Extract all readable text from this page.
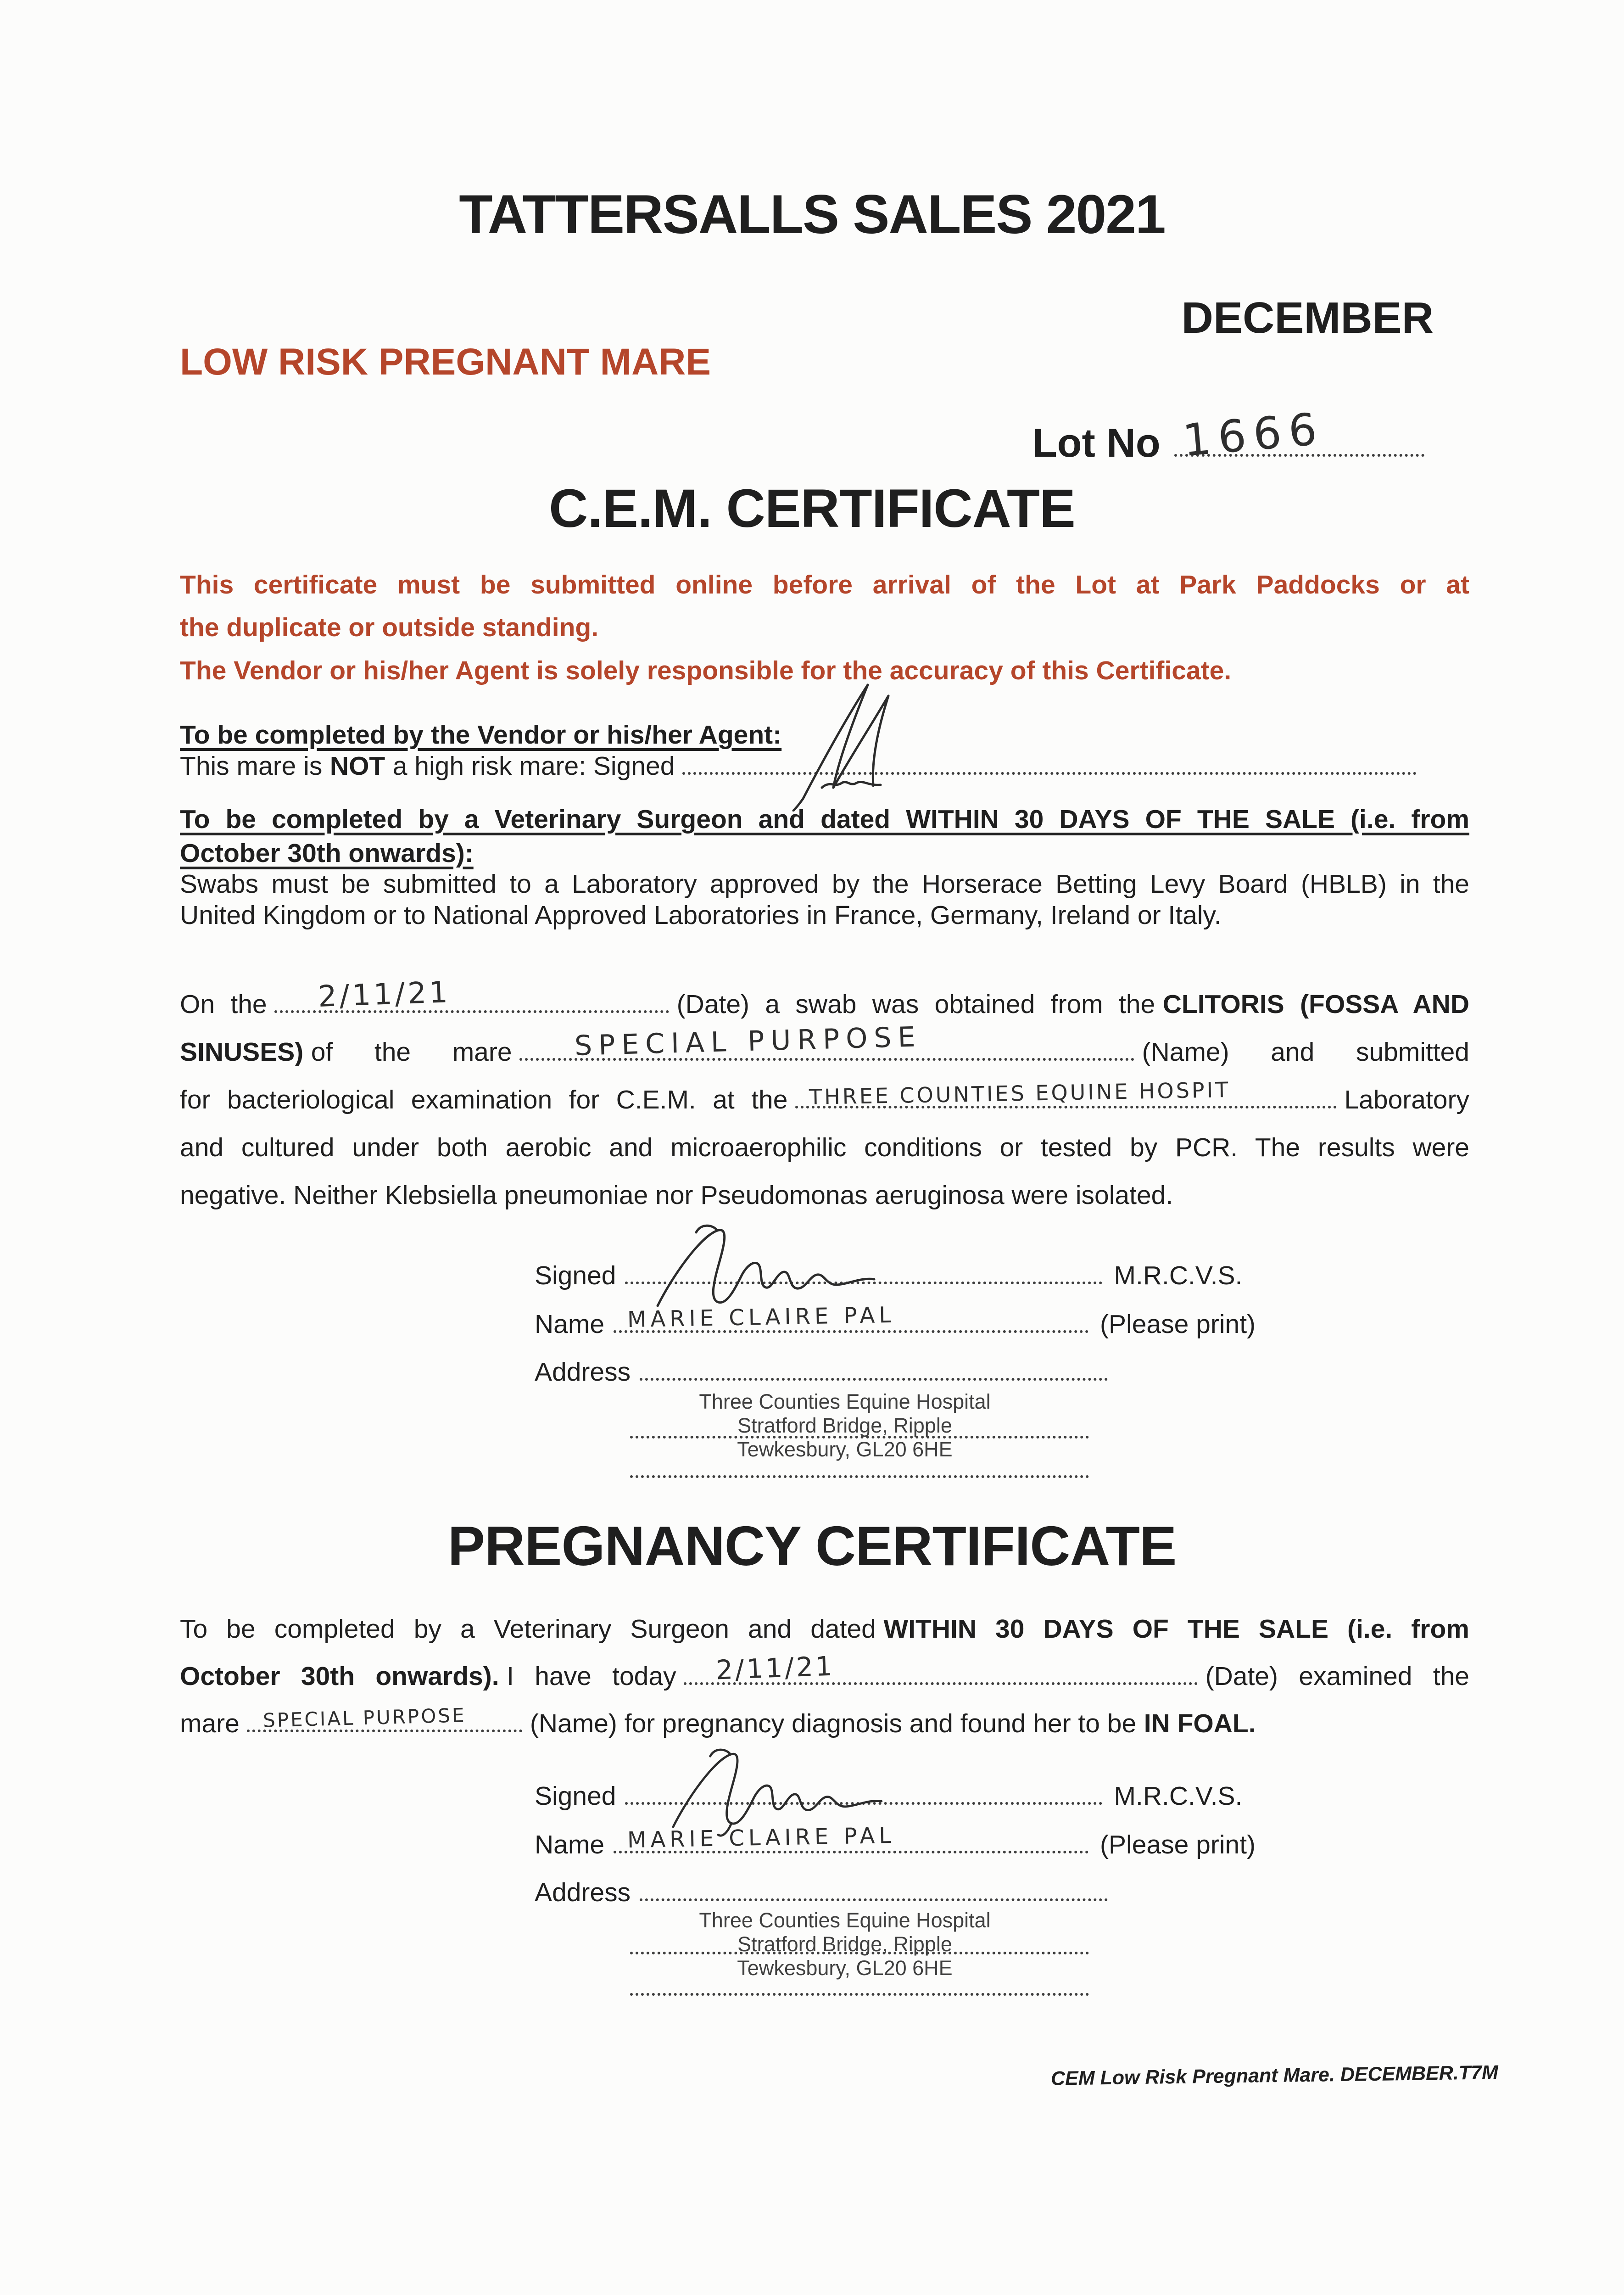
TATTERSALLS SALES 2021
DECEMBER
LOW RISK PREGNANT MARE
Lot No 1666
C.E.M. CERTIFICATE
This certificate must be submitted online before arrival of the Lot at Park Paddocks or at
the duplicate or outside standing.
The Vendor or his/her Agent is solely responsible for the accuracy of this Certificate.
To be completed by the Vendor or his/her Agent:
This mare is NOT a high risk mare: Signed
To be completed by a Veterinary Surgeon and dated WITHIN 30 DAYS OF THE SALE (i.e. from
October 30th onwards):
Swabs must be submitted to a Laboratory approved by the Horserace Betting Levy Board (HBLB) in the
United Kingdom or to National Approved Laboratories in France, Germany, Ireland or Italy.
On the 2/11/21	(Date) a swab was obtained from the CLITORIS (FOSSA AND
SINUSES) of the mare SPECIAL PURPOSE	(Name) and submitted
for bacteriological examination for C.E.M. at the THREE COUNTIES EQUINE HOSPIT	Laboratory
and cultured under both aerobic and microaerophilic conditions or tested by PCR. The results were
negative. Neither Klebsiella pneumoniae nor Pseudomonas aeruginosa were isolated.
Signed	M.R.C.V.S.
Name MARIE CLAIRE PAL	(Please print)
Address
Three Counties Equine Hospital
Stratford Bridge, Ripple
Tewkesbury, GL20 6HE
PREGNANCY CERTIFICATE
To be completed by a Veterinary Surgeon and dated WITHIN 30 DAYS OF THE SALE (i.e. from
October 30th onwards). I have today 2/11/21	(Date) examined the
mare SPECIAL PURPOSE (Name) for pregnancy diagnosis and found her to be IN FOAL.
Signed	M.R.C.V.S.
Name MARIE CLAIRE PAL	(Please print)
Address
Three Counties Equine Hospital
Stratford Bridge, Ripple
Tewkesbury, GL20 6HE
CEM Low Risk Pregnant Mare. DECEMBER.T7M
